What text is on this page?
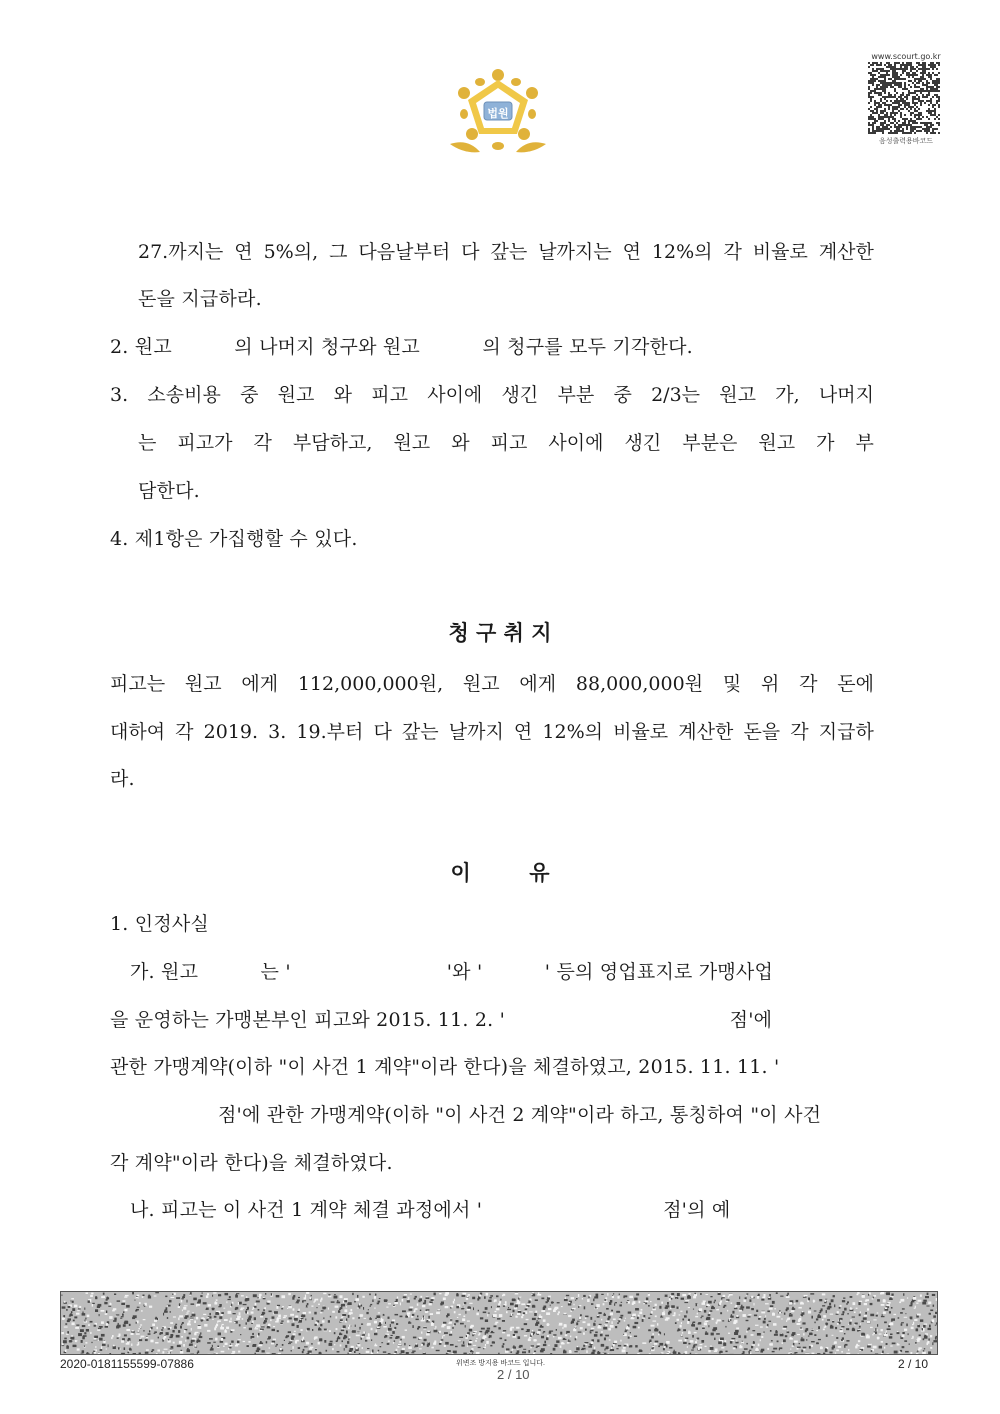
법원
www.scourt.go.kr
음성출력용바코드
27.까지는 연 5%의, 그 다음날부터 다 갚는 날까지는 연 12%의 각 비율로 계산한
돈을 지급하라.
2. 원고          의 나머지 청구와 원고          의 청구를 모두 기각한다.
3. 소송비용 중 원고 와 피고 사이에 생긴 부분 중 2/3는 원고 가, 나머지
는 피고가 각 부담하고, 원고 와 피고 사이에 생긴 부분은 원고 가 부
담한다.
4. 제1항은 가집행할 수 있다.
청 구 취 지
피고는 원고 에게 112,000,000원, 원고 에게 88,000,000원 및 위 각 돈에
대하여 각 2019. 3. 19.부터 다 갚는 날까지 연 12%의 비율로 계산한 돈을 각 지급하
라.
이        유
1. 인정사실
가. 원고          는 '                         '와 '          ' 등의 영업표지로 가맹사업
을 운영하는 가맹본부인 피고와 2015. 11. 2. '                                    점'에
관한 가맹계약(이하 "이 사건 1 계약"이라 한다)을 체결하였고, 2015. 11. 11. '
점'에 관한 가맹계약(이하 "이 사건 2 계약"이라 하고, 통칭하여 "이 사건
각 계약"이라 한다)을 체결하였다.
나. 피고는 이 사건 1 계약 체결 과정에서 '                             점'의 예
2020-0181155599-07886	위변조 방지용 바코드 입니다.
2 / 10
2 / 10
